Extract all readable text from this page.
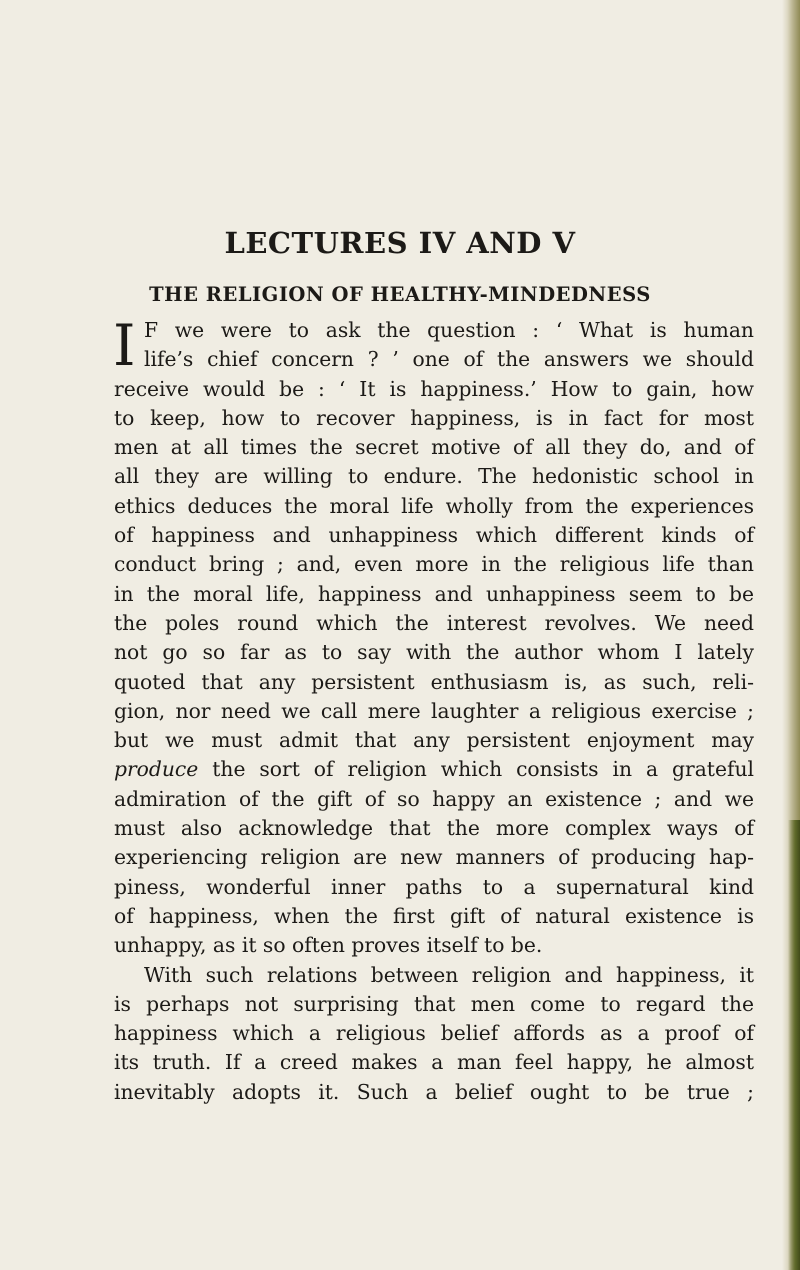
LECTURES IV AND V
THE RELIGION OF HEALTHY-MINDEDNESS
I F we were to ask the question : ‘ What is human
life’s chief concern ? ’ one of the answers we should
receive would be : ‘ It is happiness.’ How to gain, how
to keep, how to recover happiness, is in fact for most
men at all times the secret motive of all they do, and of
all they are willing to endure. The hedonistic school in
ethics deduces the moral life wholly from the experiences
of happiness and unhappiness which different kinds of
conduct bring ; and, even more in the religious life than
in the moral life, happiness and unhappiness seem to be
the poles round which the interest revolves. We need
not go so far as to say with the author whom I lately
quoted that any persistent enthusiasm is, as such, reli-
gion, nor need we call mere laughter a religious exercise ;
but we must admit that any persistent enjoyment may
produce the sort of religion which consists in a grateful
admiration of the gift of so happy an existence ; and we
must also acknowledge that the more complex ways of
experiencing religion are new manners of producing hap-
piness, wonderful inner paths to a supernatural kind
of happiness, when the first gift of natural existence is
unhappy, as it so often proves itself to be.
With such relations between religion and happiness, it
is perhaps not surprising that men come to regard the
happiness which a religious belief affords as a proof of
its truth. If a creed makes a man feel happy, he almost
inevitably adopts it. Such a belief ought to be true ;
